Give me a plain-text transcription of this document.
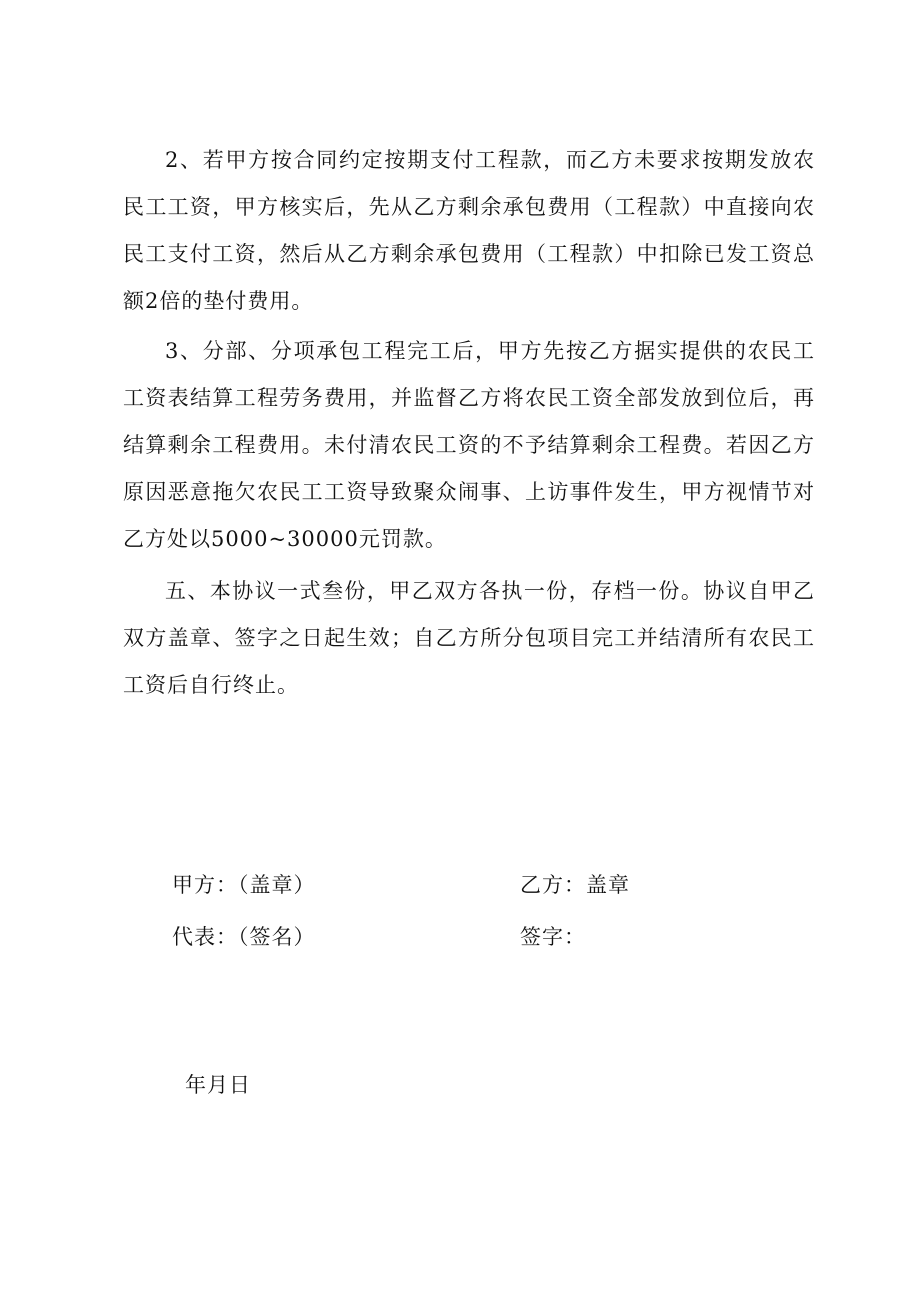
2、若甲方按合同约定按期支付工程款，而乙方未要求按期发放农民工工资，甲方核实后，先从乙方剩余承包费用（工程款）中直接向农民工支付工资，然后从乙方剩余承包费用（工程款）中扣除已发工资总额2倍的垫付费用。

3、分部、分项承包工程完工后，甲方先按乙方据实提供的农民工工资表结算工程劳务费用，并监督乙方将农民工资全部发放到位后，再结算剩余工程费用。未付清农民工资的不予结算剩余工程费。若因乙方原因恶意拖欠农民工工资导致聚众闹事、上访事件发生，甲方视情节对乙方处以5000~30000元罚款。

五、本协议一式叁份，甲乙双方各执一份，存档一份。协议自甲乙双方盖章、签字之日起生效；自乙方所分包项目完工并结清所有农民工工资后自行终止。

甲方：（盖章）	乙方：盖章
代表：（签名）	签字：
年月日
